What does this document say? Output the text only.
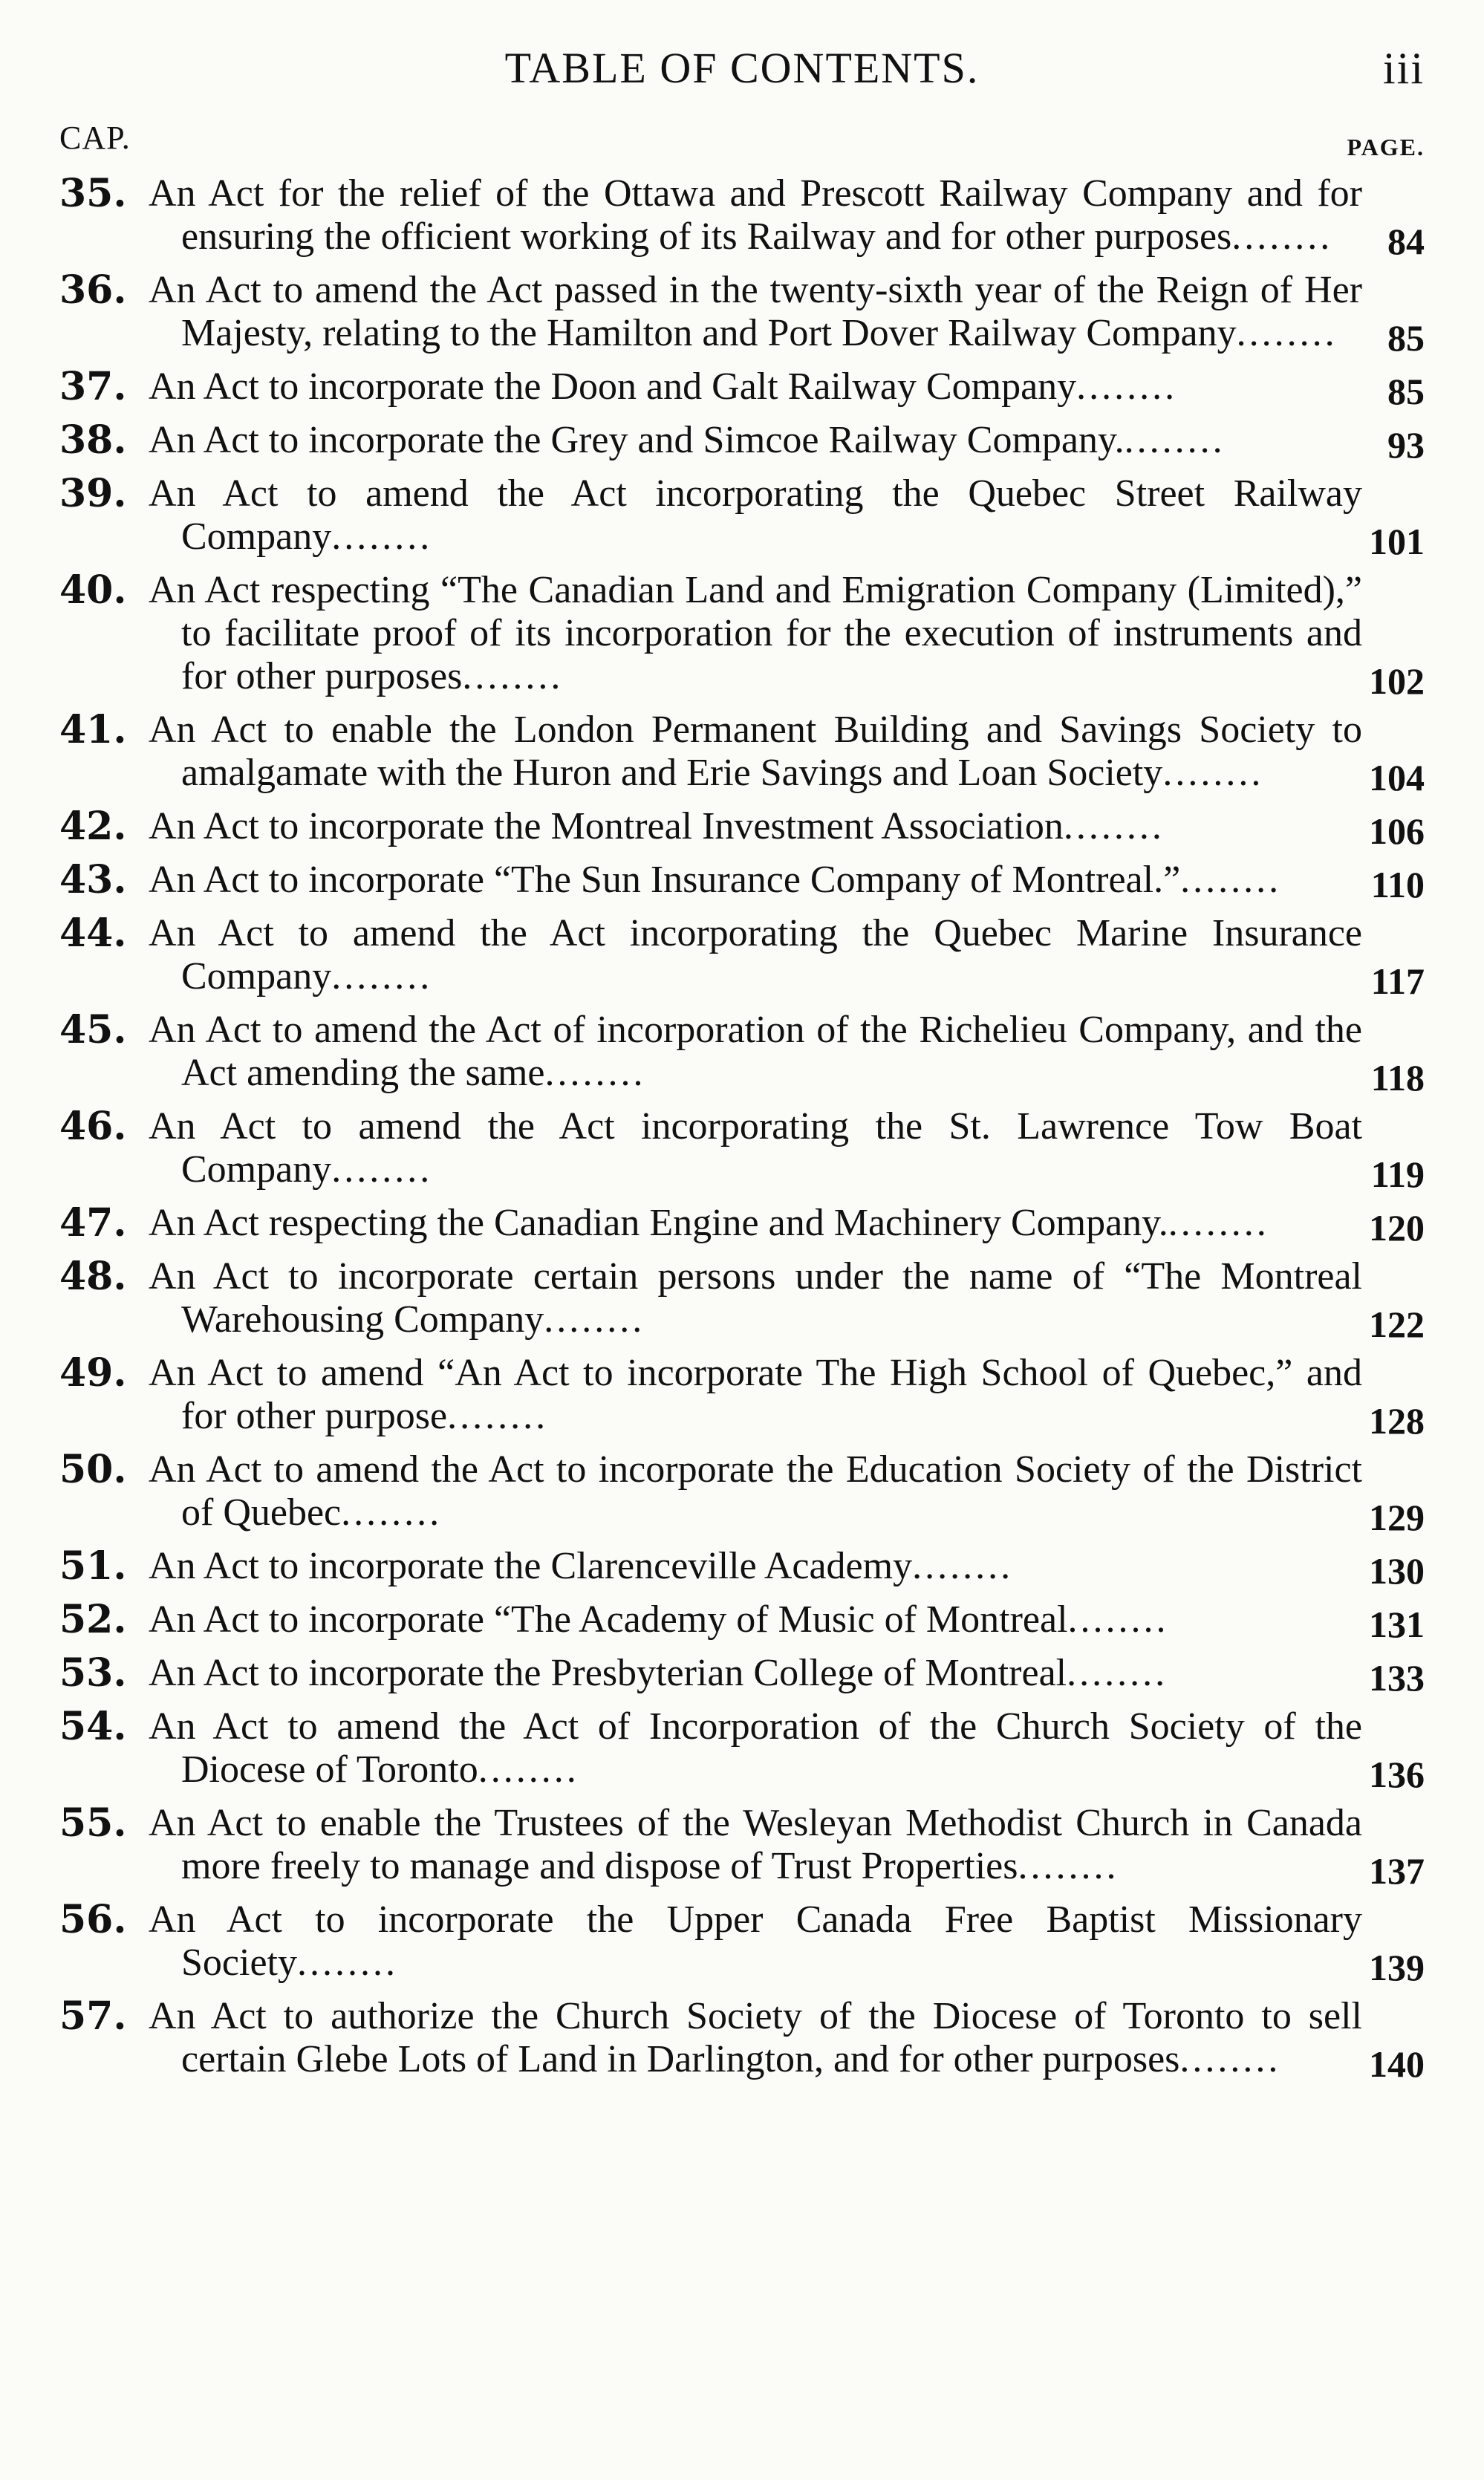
TABLE OF CONTENTS.	iii
CAP.	PAGE.
35. An Act for the relief of the Ottawa and Prescott Railway Company and for ensuring the officient working of its Railway and for other purposes........	84
36. An Act to amend the Act passed in the twenty-sixth year of the Reign of Her Majesty, relating to the Hamilton and Port Dover Railway Company........	85
37. An Act to incorporate the Doon and Galt Railway Company........	85
38. An Act to incorporate the Grey and Simcoe Railway Company.........	93
39. An Act to amend the Act incorporating the Quebec Street Railway Company........	101
40. An Act respecting “The Canadian Land and Emigration Company (Limited),” to facilitate proof of its incorporation for the execution of instruments and for other purposes........	102
41. An Act to enable the London Permanent Building and Savings Society to amalgamate with the Huron and Erie Savings and Loan Society........	104
42. An Act to incorporate the Montreal Investment Association........	106
43. An Act to incorporate “The Sun Insurance Company of Montreal.”........	110
44. An Act to amend the Act incorporating the Quebec Marine Insurance Company........	117
45. An Act to amend the Act of incorporation of the Richelieu Company, and the Act amending the same........	118
46. An Act to amend the Act incorporating the St. Lawrence Tow Boat Company........	119
47. An Act respecting the Canadian Engine and Machinery Company.........	120
48. An Act to incorporate certain persons under the name of “The Montreal Warehousing Company........	122
49. An Act to amend “An Act to incorporate The High School of Quebec,” and for other purpose........	128
50. An Act to amend the Act to incorporate the Education Society of the District of Quebec........	129
51. An Act to incorporate the Clarenceville Academy........	130
52. An Act to incorporate “The Academy of Music of Montreal........	131
53. An Act to incorporate the Presbyterian College of Montreal........	133
54. An Act to amend the Act of Incorporation of the Church Society of the Diocese of Toronto........	136
55. An Act to enable the Trustees of the Wesleyan Methodist Church in Canada more freely to manage and dispose of Trust Properties........	137
56. An Act to incorporate the Upper Canada Free Baptist Missionary Society........	139
57. An Act to authorize the Church Society of the Diocese of Toronto to sell certain Glebe Lots of Land in Darlington, and for other purposes........	140
